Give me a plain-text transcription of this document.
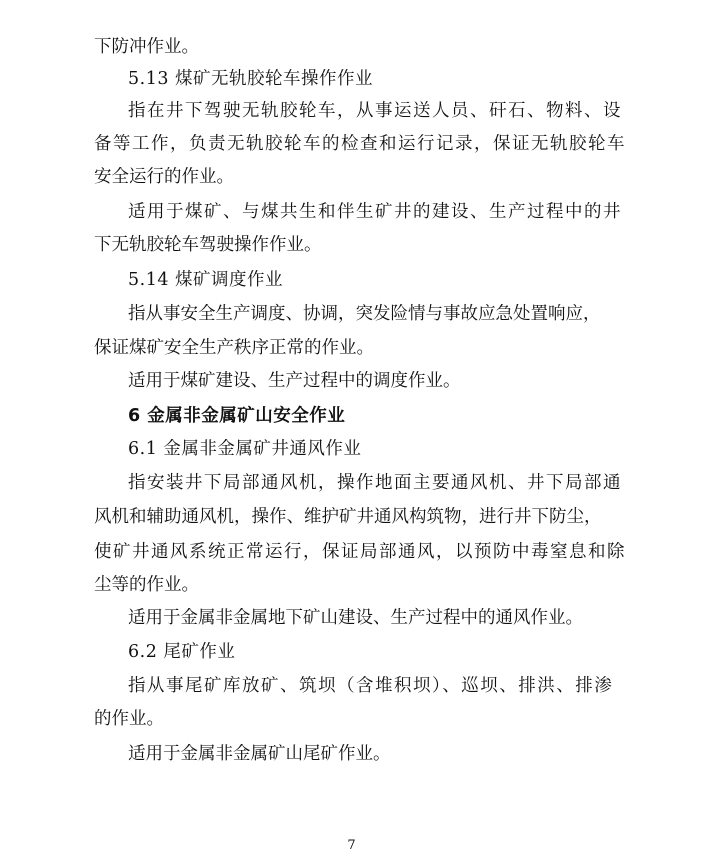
下防冲作业。
5.13 煤矿无轨胶轮车操作作业
指在井下驾驶无轨胶轮车，从事运送人员、矸石、物料、设
备等工作，负责无轨胶轮车的检查和运行记录，保证无轨胶轮车
安全运行的作业。
适用于煤矿、与煤共生和伴生矿井的建设、生产过程中的井
下无轨胶轮车驾驶操作作业。
5.14 煤矿调度作业
指从事安全生产调度、协调，突发险情与事故应急处置响应，
保证煤矿安全生产秩序正常的作业。
适用于煤矿建设、生产过程中的调度作业。
6 金属非金属矿山安全作业
6.1 金属非金属矿井通风作业
指安装井下局部通风机，操作地面主要通风机、井下局部通
风机和辅助通风机，操作、维护矿井通风构筑物，进行井下防尘，
使矿井通风系统正常运行，保证局部通风，以预防中毒窒息和除
尘等的作业。
适用于金属非金属地下矿山建设、生产过程中的通风作业。
6.2 尾矿作业
指从事尾矿库放矿、筑坝（含堆积坝）、巡坝、排洪、排渗
的作业。
适用于金属非金属矿山尾矿作业。
7
